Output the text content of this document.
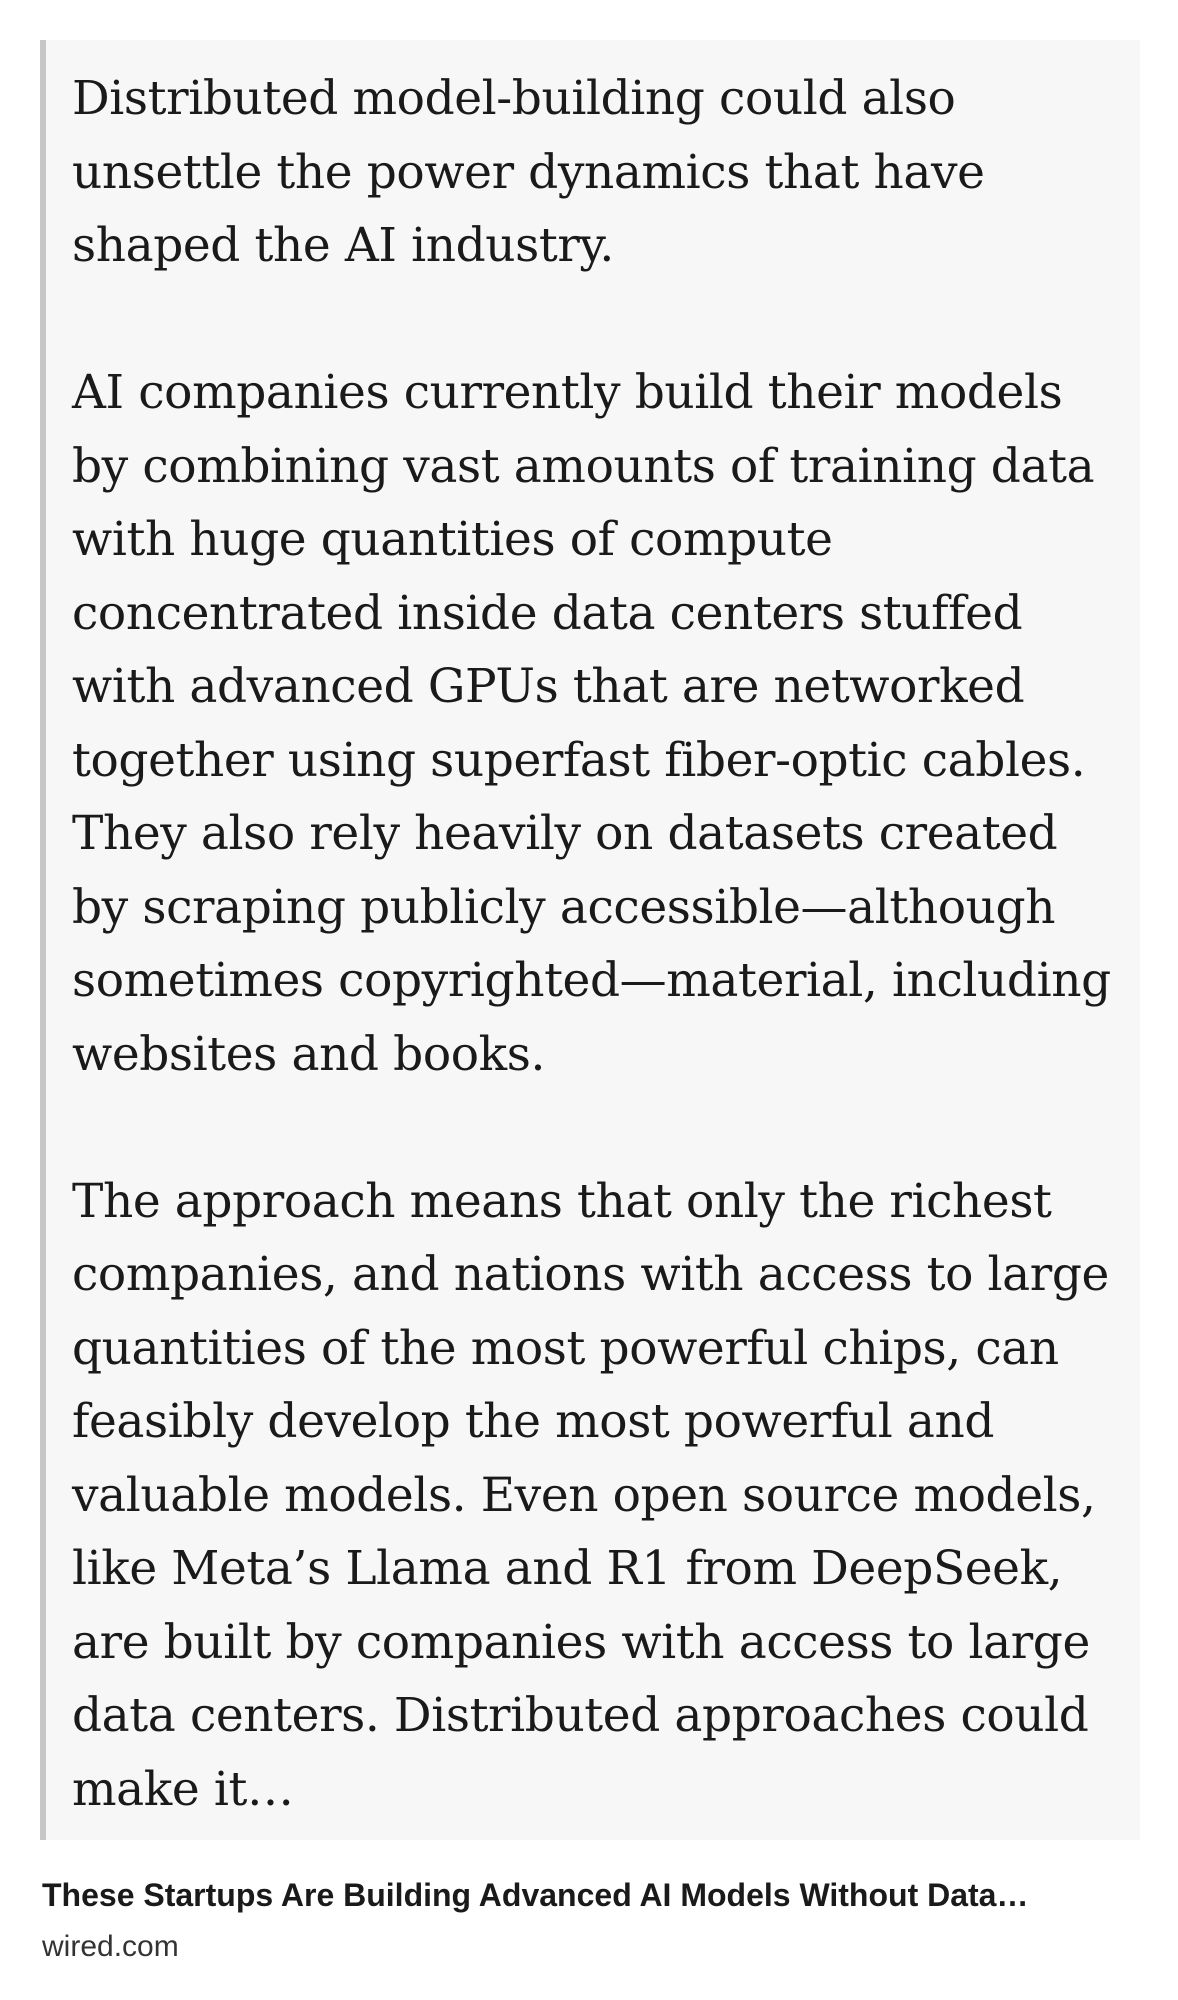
Distributed model-building could also unsettle the power dynamics that have shaped the AI industry.

AI companies currently build their models by combining vast amounts of training data with huge quantities of compute concentrated inside data centers stuffed with advanced GPUs that are networked together using superfast fiber-optic cables. They also rely heavily on datasets created by scraping publicly accessible—although sometimes copyrighted—material, including websites and books.

The approach means that only the richest companies, and nations with access to large quantities of the most powerful chips, can feasibly develop the most powerful and valuable models. Even open source models, like Meta’s Llama and R1 from DeepSeek, are built by companies with access to large data centers. Distributed approaches could make it…

These Startups Are Building Advanced AI Models Without Data…
wired.com
